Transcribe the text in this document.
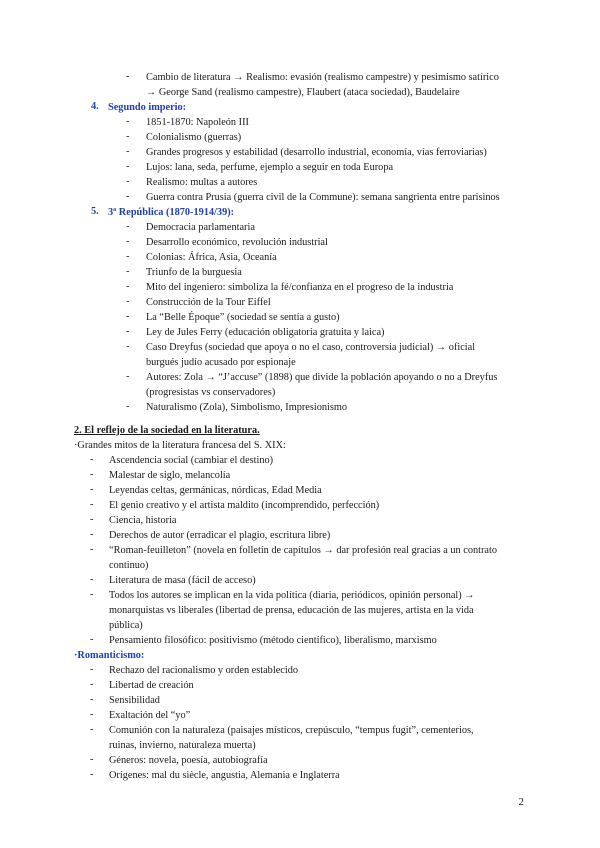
- Cambio de literatura → Realismo: evasión (realismo campestre) y pesimismo satírico
→ George Sand (realismo campestre), Flaubert (ataca sociedad), Baudelaire
4. Segundo imperio:
- 1851-1870: Napoleón III
- Colonialismo (guerras)
- Grandes progresos y estabilidad (desarrollo industrial, economía, vías ferroviarias)
- Lujos: lana, seda, perfume, ejemplo a seguir en toda Europa
- Realismo: multas a autores
- Guerra contra Prusia (guerra civil de la Commune): semana sangrienta entre parisinos
5. 3ª República (1870-1914/39):
- Democracia parlamentaria
- Desarrollo económico, revolución industrial
- Colonias: África, Asia, Oceanía
- Triunfo de la burguesia
- Mito del ingeniero: simboliza la fé/confianza en el progreso de la industria
- Construcción de la Tour Eiffel
- La “Belle Époque” (sociedad se sentía a gusto)
- Ley de Jules Ferry (educación obligatoria gratuita y laica)
- Caso Dreyfus (sociedad que apoya o no el caso, controversia judicial) → oficial
burgués judío acusado por espionaje
- Autores: Zola → “J’accuse” (1898) que divide la población apoyando o no a Dreyfus
(progresistas vs conservadores)
- Naturalismo (Zola), Simbolismo, Impresionismo
2. El reflejo de la sociedad en la literatura.
·Grandes mitos de la literatura francesa del S. XIX:
- Ascendencia social (cambiar el destino)
- Malestar de siglo, melancolía
- Leyendas celtas, germánicas, nórdicas, Edad Media
- El genio creativo y el artista maldito (incomprendido, perfección)
- Ciencia, historia
- Derechos de autor (erradicar el plagio, escritura libre)
- “Roman-feuilleton” (novela en folletín de capítulos → dar profesión real gracias a un contrato
continuo)
- Literatura de masa (fácil de acceso)
- Todos los autores se implican en la vida política (diaria, periódicos, opinión personal) →
monarquistas vs liberales (libertad de prensa, educación de las mujeres, artista en la vida
pública)
- Pensamiento filosófico: positivismo (método científico), liberalismo, marxismo
·Romanticismo:
- Rechazo del racionalismo y orden establecido
- Libertad de creación
- Sensibilidad
- Exaltación del “yo”
- Comunión con la naturaleza (paisajes místicos, crepúsculo, “tempus fugit”, cementerios,
ruinas, invierno, naturaleza muerta)
- Géneros: novela, poesía, autobiografía
- Orígenes: mal du siècle, angustia, Alemania e Inglaterra
2
